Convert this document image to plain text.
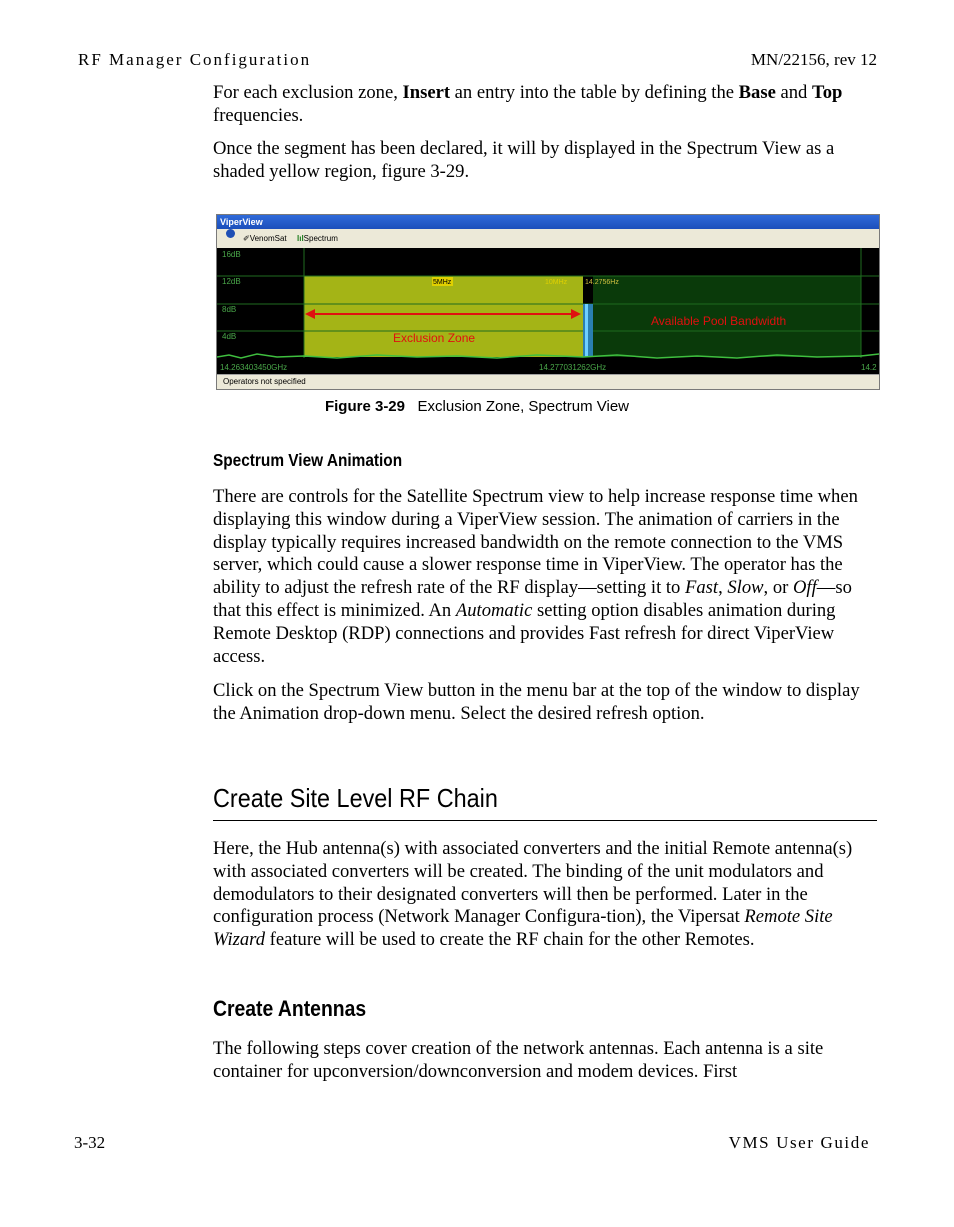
RF Manager Configuration	MN/22156, rev 12

For each exclusion zone, Insert an entry into the table by defining the Base and Top frequencies.

Once the segment has been declared, it will by displayed in the Spectrum View as a shaded yellow region, figure 3-29.

ViperView
✐ VenomSat lıl Spectrum
16dB
12dB
8dB
4dB
5MHz	10MHz	14.2756Hz
Exclusion Zone
Available Pool Bandwidth
14.263403450GHz	14.277031262GHz	14.2
Operators not specified
Figure 3-29 Exclusion Zone, Spectrum View
Spectrum View Animation

There are controls for the Satellite Spectrum view to help increase response time when displaying this window during a ViperView session. The animation of carriers in the display typically requires increased bandwidth on the remote connection to the VMS server, which could cause a slower response time in ViperView. The operator has the ability to adjust the refresh rate of the RF display—setting it to Fast, Slow, or Off—so that this effect is minimized. An Automatic setting option disables animation during Remote Desktop (RDP) connections and provides Fast refresh for direct ViperView access.

Click on the Spectrum View button in the menu bar at the top of the window to display the Animation drop-down menu. Select the desired refresh option.

Create Site Level RF Chain

Here, the Hub antenna(s) with associated converters and the initial Remote antenna(s) with associated converters will be created. The binding of the unit modulators and demodulators to their designated converters will then be performed. Later in the configuration process (Network Manager Configura-tion), the Vipersat Remote Site Wizard feature will be used to create the RF chain for the other Remotes.

Create Antennas

The following steps cover creation of the network antennas. Each antenna is a site container for upconversion/downconversion and modem devices. First

3-32	VMS User Guide
